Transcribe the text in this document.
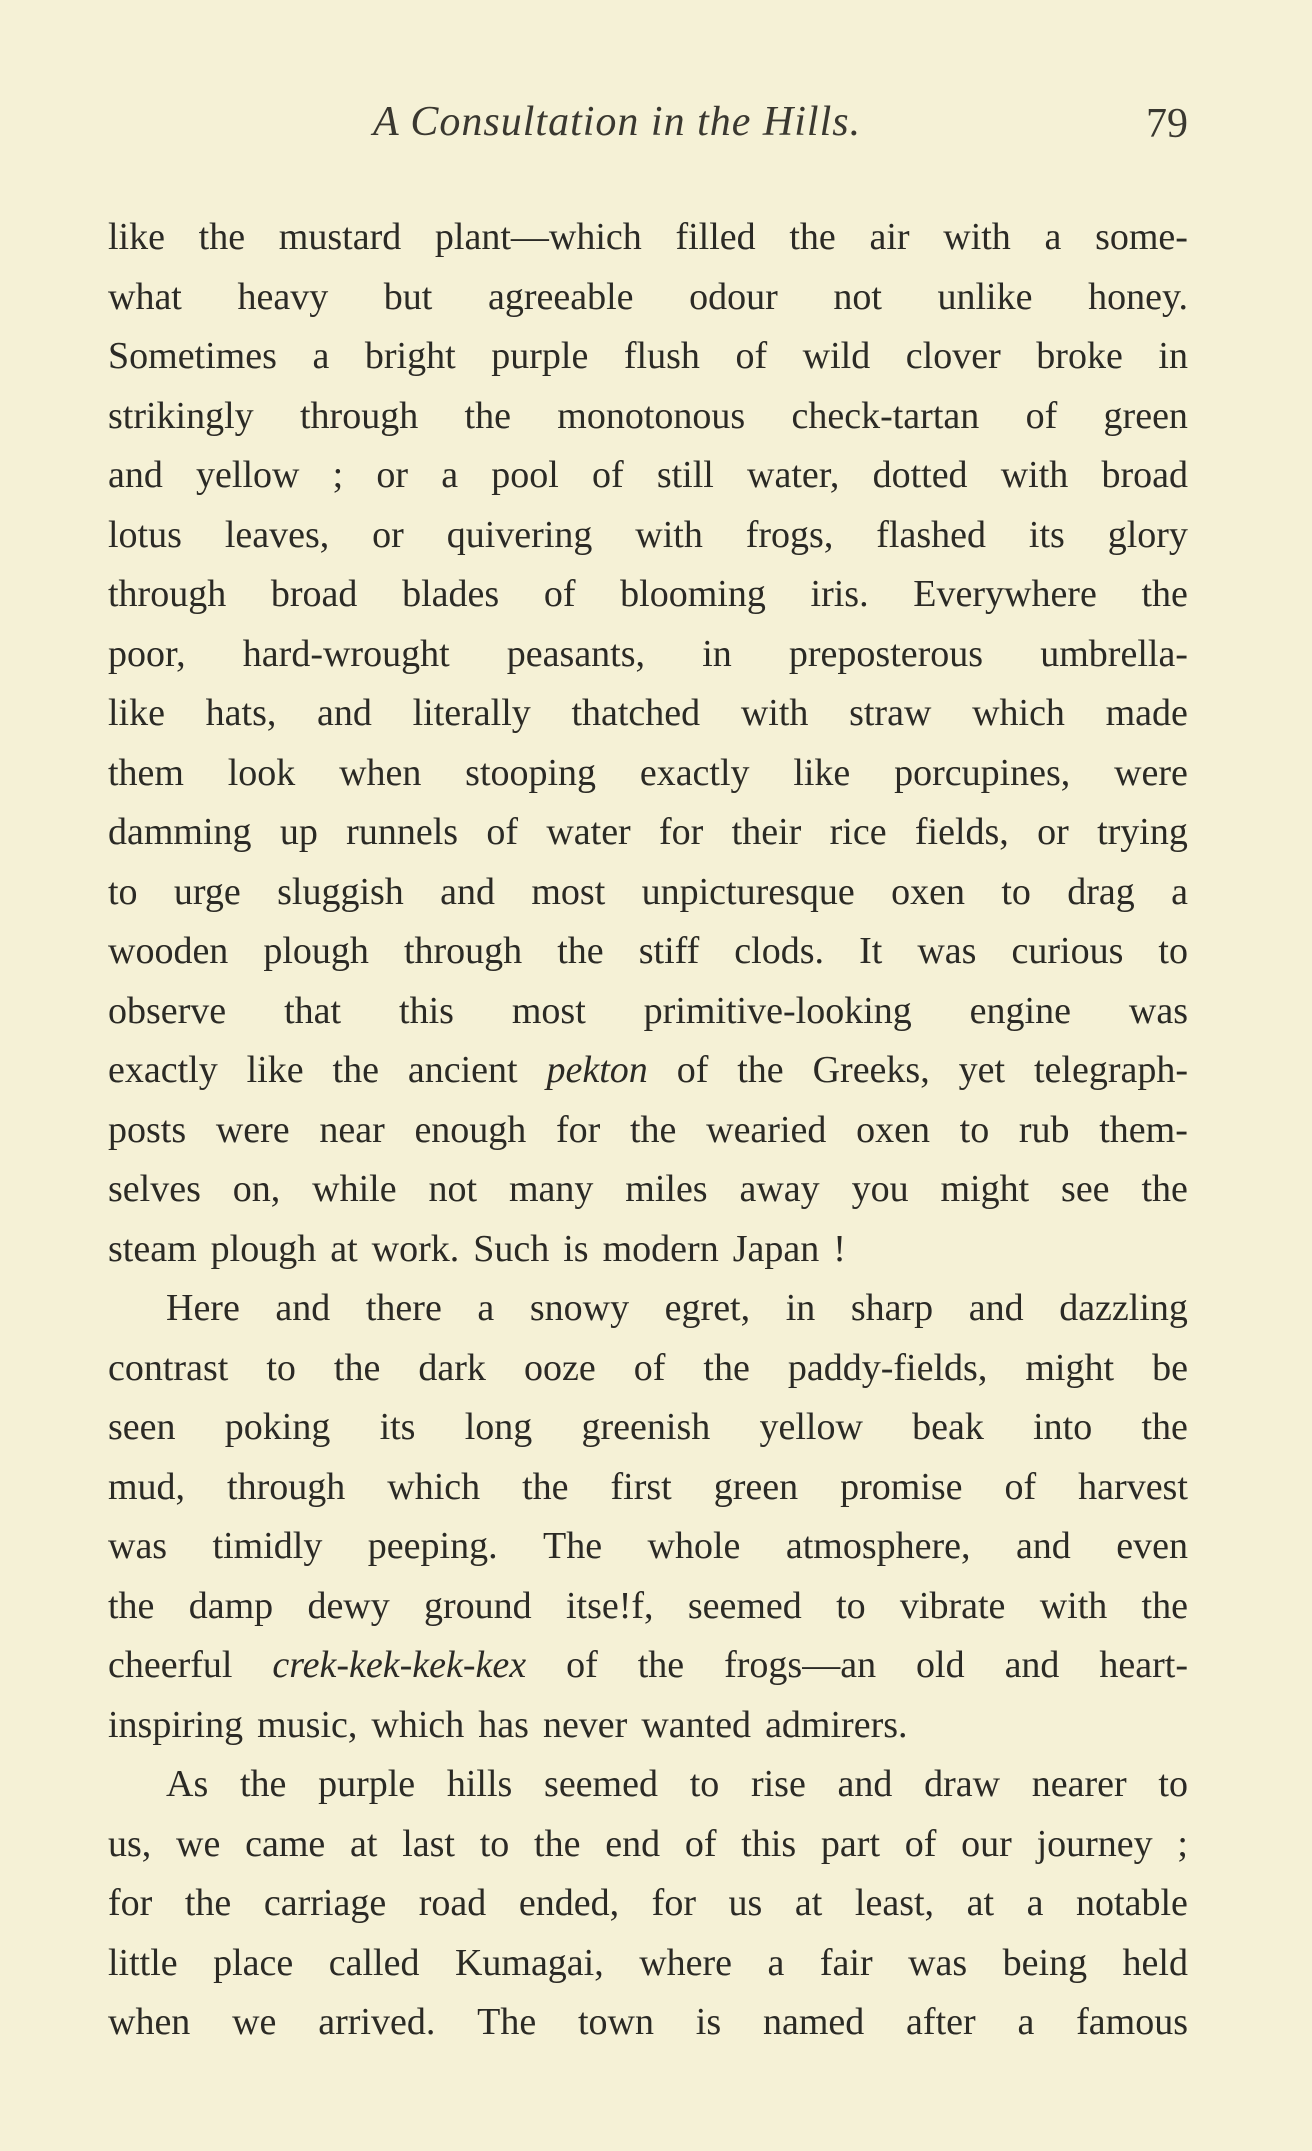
A Consultation in the Hills.	79
like the mustard plant—which filled the air with a some-
what heavy but agreeable odour not unlike honey.
Sometimes a bright purple flush of wild clover broke in
strikingly through the monotonous check-tartan of green
and yellow ; or a pool of still water, dotted with broad
lotus leaves, or quivering with frogs, flashed its glory
through broad blades of blooming iris. Everywhere the
poor, hard-wrought peasants, in preposterous umbrella-
like hats, and literally thatched with straw which made
them look when stooping exactly like porcupines, were
damming up runnels of water for their rice fields, or trying
to urge sluggish and most unpicturesque oxen to drag a
wooden plough through the stiff clods. It was curious to
observe that this most primitive-looking engine was
exactly like the ancient pekton of the Greeks, yet telegraph-
posts were near enough for the wearied oxen to rub them-
selves on, while not many miles away you might see the
steam plough at work. Such is modern Japan !
Here and there a snowy egret, in sharp and dazzling
contrast to the dark ooze of the paddy-fields, might be
seen poking its long greenish yellow beak into the
mud, through which the first green promise of harvest
was timidly peeping. The whole atmosphere, and even
the damp dewy ground itse!f, seemed to vibrate with the
cheerful crek-kek-kek-kex of the frogs—an old and heart-
inspiring music, which has never wanted admirers.
As the purple hills seemed to rise and draw nearer to
us, we came at last to the end of this part of our journey ;
for the carriage road ended, for us at least, at a notable
little place called Kumagai, where a fair was being held
when we arrived. The town is named after a famous
